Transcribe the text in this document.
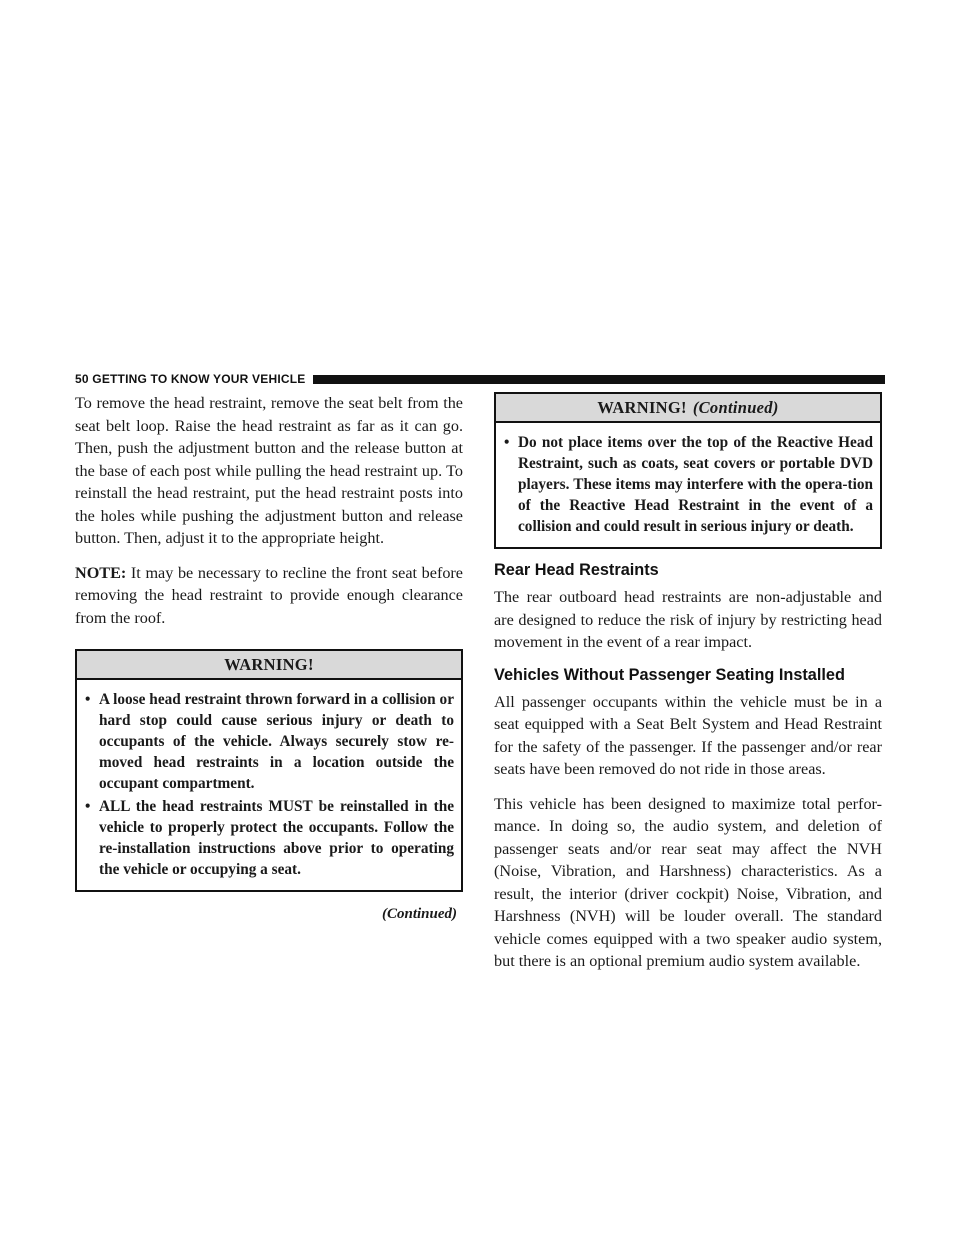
50 GETTING TO KNOW YOUR VEHICLE

To remove the head restraint, remove the seat belt from the seat belt loop. Raise the head restraint as far as it can go. Then, push the adjustment button and the release button at the base of each post while pulling the head restraint up. To reinstall the head restraint, put the head restraint posts into the holes while pushing the adjustment button and release button. Then, adjust it to the appropriate height.

NOTE: It may be necessary to recline the front seat before removing the head restraint to provide enough clearance from the roof.

WARNING!
• A loose head restraint thrown forward in a collision or hard stop could cause serious injury or death to occupants of the vehicle. Always securely stow re-moved head restraints in a location outside the occupant compartment.
• ALL the head restraints MUST be reinstalled in the vehicle to properly protect the occupants. Follow the re-installation instructions above prior to operating the vehicle or occupying a seat.
(Continued)
WARNING! (Continued)
• Do not place items over the top of the Reactive Head Restraint, such as coats, seat covers or portable DVD players. These items may interfere with the opera-tion of the Reactive Head Restraint in the event of a collision and could result in serious injury or death.
Rear Head Restraints

The rear outboard head restraints are non-adjustable and are designed to reduce the risk of injury by restricting head movement in the event of a rear impact.

Vehicles Without Passenger Seating Installed

All passenger occupants within the vehicle must be in a seat equipped with a Seat Belt System and Head Restraint for the safety of the passenger. If the passenger and/or rear seats have been removed do not ride in those areas.

This vehicle has been designed to maximize total perfor-mance. In doing so, the audio system, and deletion of passenger seats and/or rear seat may affect the NVH (Noise, Vibration, and Harshness) characteristics. As a result, the interior (driver cockpit) Noise, Vibration, and Harshness (NVH) will be louder overall. The standard vehicle comes equipped with a two speaker audio system, but there is an optional premium audio system available.
